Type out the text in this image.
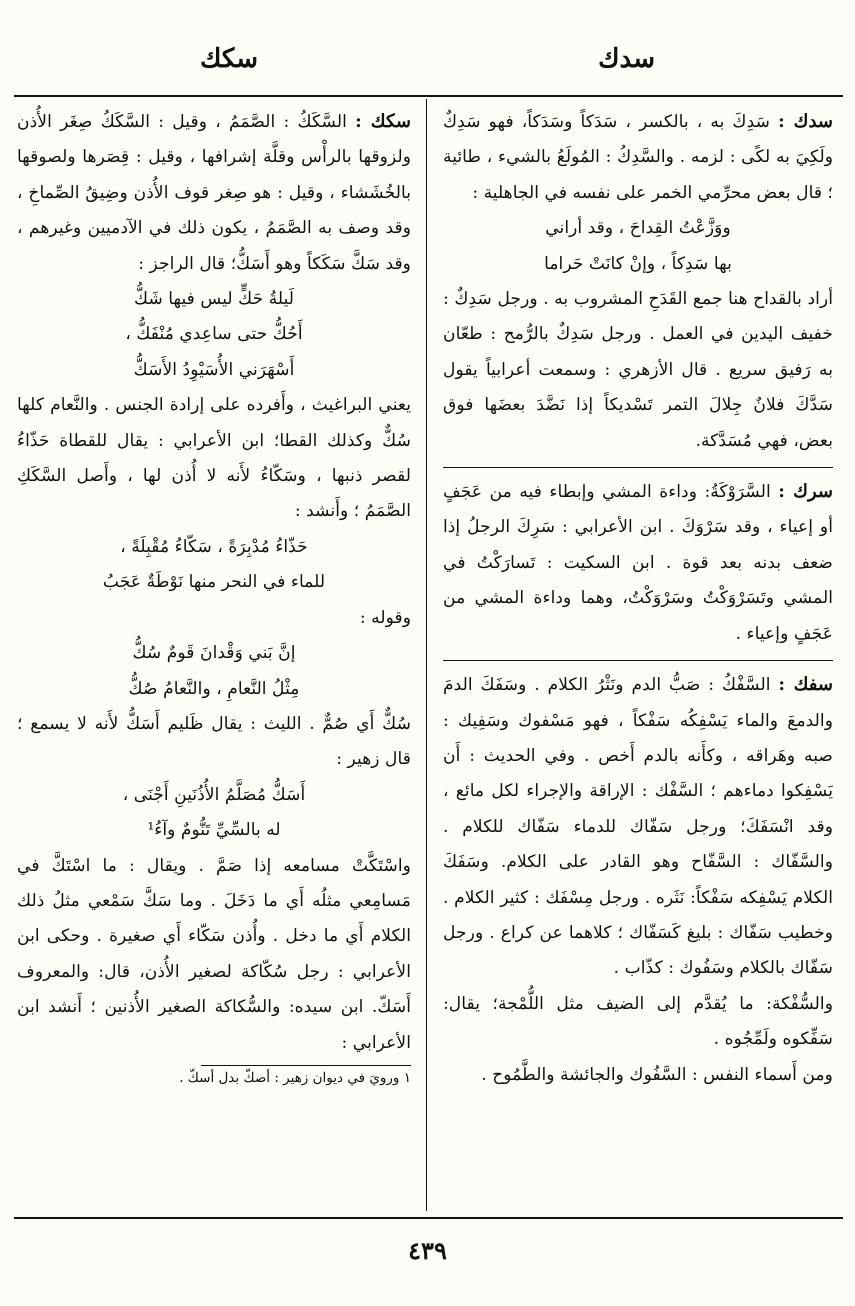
سدك
سكك

سدك : سَدِكَ به ، بالكسر ، سَدَكاً وسَدَكاً، فهو سَدِكٌ ولَكِيَ به لكًى : لزمه . والسَّدِكُ : المُولَعُ بالشيء ، طائية ؛ قال بعض محرِّمي الخمر على نفسه في الجاهلية :

ووَزَّعْتُ القِداحَ ، وقد أراني

بها سَدِكاً ، وإنْ كانَتْ حَراما

أراد بالقداح هنا جمع القَدَحِ المشروب به . ورجل سَدِكٌ : خفيف اليدين في العمل . ورجل سَدِكٌ بالرُّمح : طعّان به رَفيق سريع . قال الأزهري : وسمعت أعرابياً يقول سَدَّكَ فلانٌ جِلالَ التمر تَسْديكاً إذا نَضَّدَ بعضَها فوق بعض، فهي مُسَدَّكة.

سرك : السَّرَوْكَةُ: وداءة المشي وإبطاء فيه من عَجَفٍ أو إعياء ، وقد سَرْوَكَ . ابن الأعرابي : سَرِكَ الرجلُ إذا ضعف بدنه بعد قوة . ابن السكيت : تَسارَكْتُ في المشي وتَسَرْوَكْتُ وسَرْوَكْتُ، وهما وداءة المشي من عَجَفٍ وإعياء .

سفك : السَّفْكُ : صَبُّ الدم ونَثْرُ الكلام . وسَفَكَ الدمَ والدمعَ والماء يَسْفِكُه سَفْكاً ، فهو مَسْفوك وسَفِيك : صبه وهَراقه ، وكأَنه بالدم أَخص . وفي الحديث : أَن يَسْفِكوا دماءهم ؛ السَّفْك : الإراقة والإجراء لكل مائع ، وقد انْسَفَكَ؛ ورجل سَفّاك للدماء سَفّاك للكلام . والسَّفّاك : السَّفّاح وهو القادر على الكلام. وسَفَكَ الكلام يَسْفِكه سَفْكاً: نَثَره . ورجل مِسْفَك : كثير الكلام . وخطيب سَفّاك : بليغ كَسَفّاك ؛ كلاهما عن كراع . ورجل سَفّاك بالكلام وسَفُوك : كذّاب .

والسُّفْكة: ما يُقدَّم إلى الضيف مثل اللُّمْجة؛ يقال: سَفِّكوه ولَمِّجُوه .

ومن أَسماء النفس : السَّفُوك والجائشة والطَّمُوح .

سكك : السَّكَكُ : الصَّمَمُ ، وقيل : السَّكَكُ صِغَر الأُذن ولزوقها بالرأْس وقلَّة إشرافها ، وقيل : قِصَرها ولصوقها بالخُشَشاء ، وقيل : هو صِغر قوف الأُذن وضِيقُ الصِّماخِ ، وقد وصف به الصَّمَمُ ، يكون ذلك في الآدميين وغيرهم ، وقد سَكَّ سَكَكاً وهو أَسَكُّ؛ قال الراجز :

لَيلةُ حَكٍّ ليس فيها شَكُّ

أَحُكُّ حتى ساعِدي مُنْفَكُّ ،

أَسْهَرَني الأُسَيْوِدُ الأَسَكُّ

يعني البراغيث ، وأَفرده على إرادة الجنس . والنَّعام كلها سُكٌّ وكذلك القطا؛ ابن الأعرابي : يقال للقطاة حَذّاءُ لقصر ذنبها ، وسَكّاءُ لأَنه لا أُذن لها ، وأَصل السَّكَكِ الصَّمَمُ ؛ وأَنشد :

حَذّاءُ مُدْبِرَةً ، سَكّاءُ مُقْبِلَةً ،

للماء في النحر منها نَوْطَةٌ عَجَبُ

وقوله :

إنَّ بَني وَقْدانَ قَومٌ سُكُّ

مِثْلُ النَّعامِ ، والنَّعامُ صُكُّ

سُكٌّ أَي صُمٌّ . الليث : يقال ظَليم أَسَكُّ لأَنه لا يسمع ؛ قال زهير :

أَسَكُّ مُصَلَّمُ الأُذُنَينِ أَجْنَى ،

له بالسِّيِّ تَنُّومٌ وآءُ¹

واسْتَكَّتْ مسامعه إذا صَمَّ . ويقال : ما اسْتَكَّ في مَسامِعي مثلُه أَي ما دَخَلَ . وما سَكَّ سَمْعي مثلُ ذلك الكلام أَي ما دخل . وأُذن سَكّاء أَي صغيرة . وحكى ابن الأعرابي : رجل سُكّاكة لصغير الأُذن، قال: والمعروف أَسَكّ. ابن سيده: والسُّكاكة الصغير الأُذنين ؛ أَنشد ابن الأعرابي :

١ ورويَ في ديوان زهير : أصكّ بدل أسكّ .

٤٣٩
